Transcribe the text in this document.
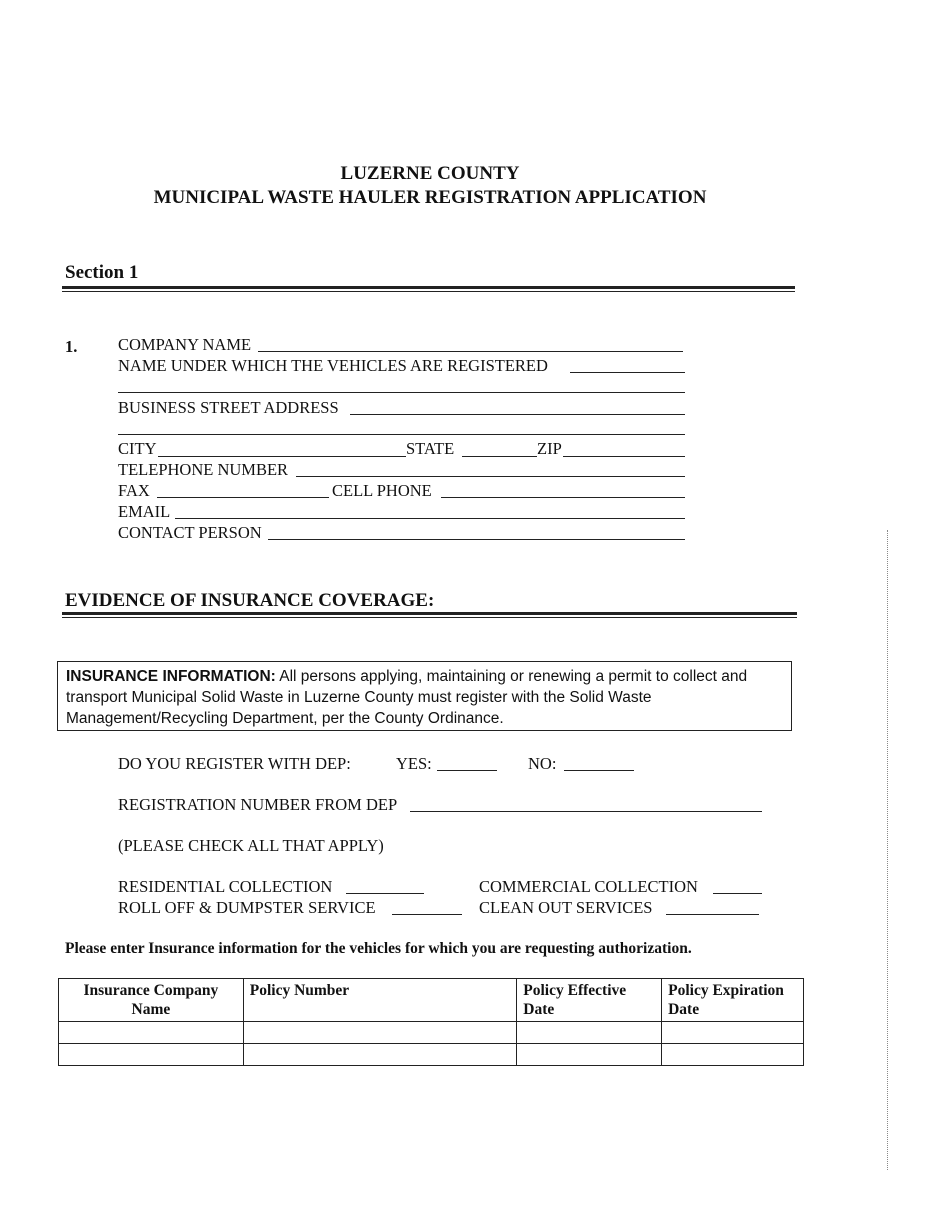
LUZERNE COUNTY
MUNICIPAL WASTE HAULER REGISTRATION APPLICATION
Section 1
1. COMPANY NAME
NAME UNDER WHICH THE VEHICLES ARE REGISTERED
BUSINESS STREET ADDRESS
CITY	STATE	ZIP
TELEPHONE NUMBER
FAX	CELL PHONE
EMAIL
CONTACT PERSON
EVIDENCE OF INSURANCE COVERAGE:
INSURANCE INFORMATION: All persons applying, maintaining or renewing a permit to collect and transport Municipal Solid Waste in Luzerne County must register with the Solid Waste Management/Recycling Department, per the County Ordinance.
DO YOU REGISTER WITH DEP:	YES:	NO:
REGISTRATION NUMBER FROM DEP
(PLEASE CHECK ALL THAT APPLY)
RESIDENTIAL COLLECTION	COMMERCIAL COLLECTION
ROLL OFF & DUMPSTER SERVICE	CLEAN OUT SERVICES
Please enter Insurance information for the vehicles for which you are requesting authorization.
Insurance Company Name	Policy Number	Policy Effective Date	Policy Expiration Date
